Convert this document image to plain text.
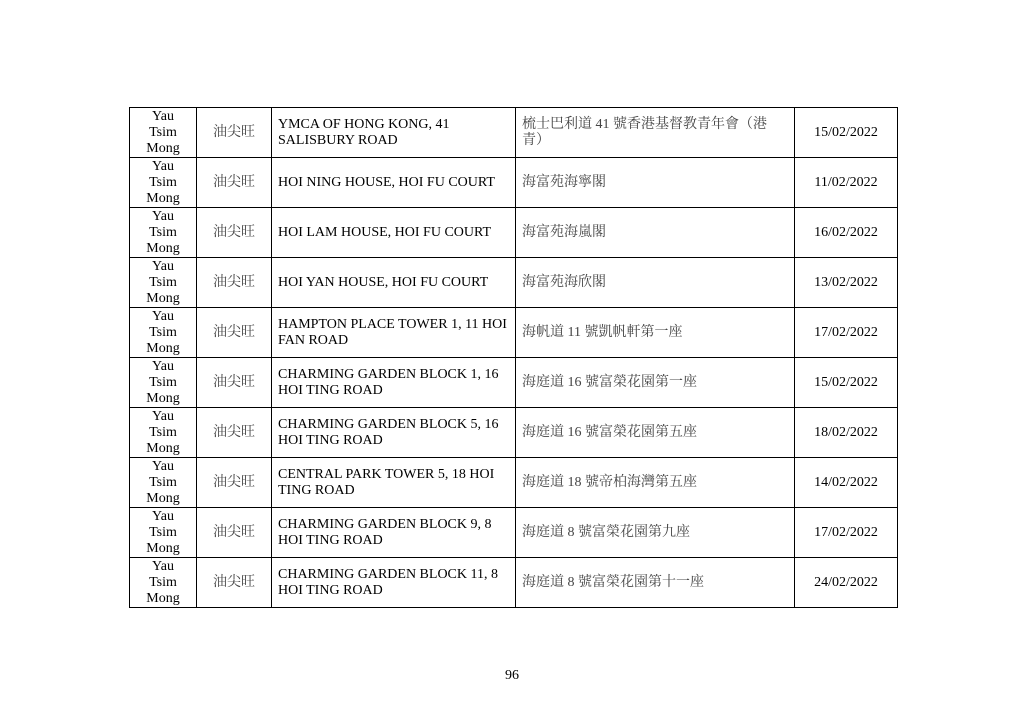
Yau
Tsim
Mong	油尖旺	YMCA OF HONG KONG, 41 SALISBURY ROAD	梳士巴利道 41 號香港基督教青年會（港青）	15/02/2022

Yau
Tsim
Mong	油尖旺	HOI NING HOUSE, HOI FU COURT	海富苑海寧閣	11/02/2022

Yau
Tsim
Mong	油尖旺	HOI LAM HOUSE, HOI FU COURT	海富苑海嵐閣	16/02/2022

Yau
Tsim
Mong	油尖旺	HOI YAN HOUSE, HOI FU COURT	海富苑海欣閣	13/02/2022

Yau
Tsim
Mong	油尖旺	HAMPTON PLACE TOWER 1, 11 HOI FAN ROAD	海帆道 11 號凱帆軒第一座	17/02/2022

Yau
Tsim
Mong	油尖旺	CHARMING GARDEN BLOCK 1, 16 HOI TING ROAD	海庭道 16 號富榮花園第一座	15/02/2022

Yau
Tsim
Mong	油尖旺	CHARMING GARDEN BLOCK 5, 16 HOI TING ROAD	海庭道 16 號富榮花園第五座	18/02/2022

Yau
Tsim
Mong	油尖旺	CENTRAL PARK TOWER 5, 18 HOI TING ROAD	海庭道 18 號帝柏海灣第五座	14/02/2022

Yau
Tsim
Mong	油尖旺	CHARMING GARDEN BLOCK 9, 8 HOI TING ROAD	海庭道 8 號富榮花園第九座	17/02/2022

Yau
Tsim
Mong	油尖旺	CHARMING GARDEN BLOCK 11, 8 HOI TING ROAD	海庭道 8 號富榮花園第十一座	24/02/2022
96
